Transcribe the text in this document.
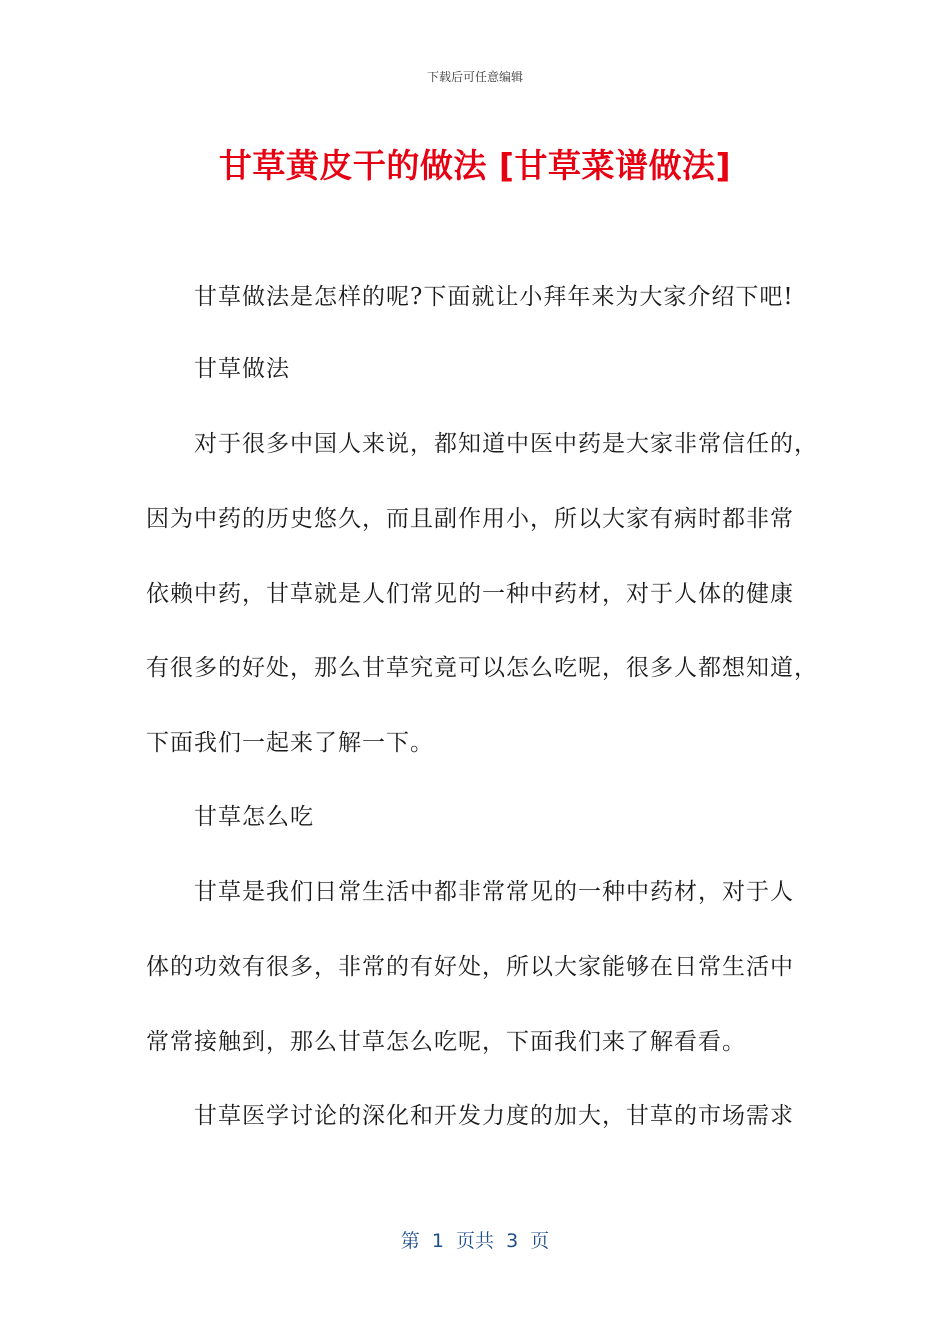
下载后可任意编辑
甘草黄皮干的做法 [甘草菜谱做法]
甘草做法是怎样的呢?下面就让小拜年来为大家介绍下吧!
甘草做法
对于很多中国人来说，都知道中医中药是大家非常信任的，
因为中药的历史悠久，而且副作用小，所以大家有病时都非常
依赖中药，甘草就是人们常见的一种中药材，对于人体的健康
有很多的好处，那么甘草究竟可以怎么吃呢，很多人都想知道，
下面我们一起来了解一下。
甘草怎么吃
甘草是我们日常生活中都非常常见的一种中药材，对于人
体的功效有很多，非常的有好处，所以大家能够在日常生活中
常常接触到，那么甘草怎么吃呢，下面我们来了解看看。
甘草医学讨论的深化和开发力度的加大，甘草的市场需求
第  1  页共  3  页
